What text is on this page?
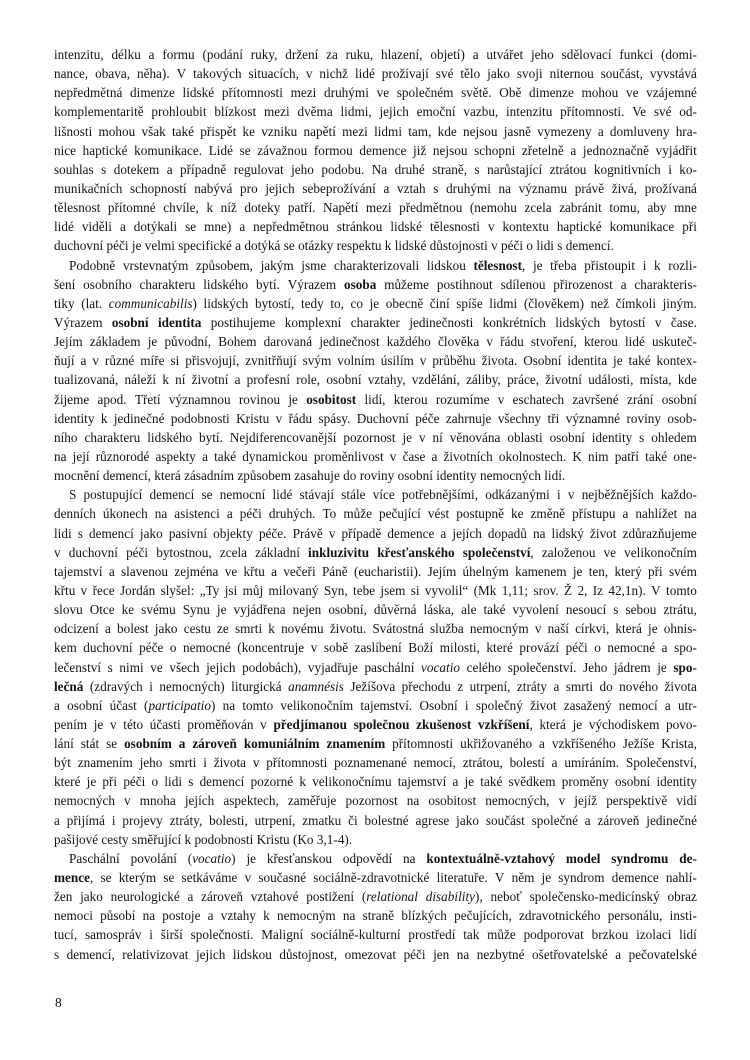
intenzitu, délku a formu (podání ruky, držení za ruku, hlazení, objetí) a utvářet jeho sdělovací funkci (domi-
nance, obava, něha). V takových situacích, v nichž lidé prožívají své tělo jako svoji niternou součást, vyvstává
nepředmětná dimenze lidské přítomnosti mezi druhými ve společném světě. Obě dimenze mohou ve vzájemné
komplementaritě prohloubit blízkost mezi dvěma lidmi, jejich emoční vazbu, intenzitu přítomnosti. Ve své od-
lišnosti mohou však také přispět ke vzniku napětí mezi lidmi tam, kde nejsou jasně vymezeny a domluveny hra-
nice haptické komunikace. Lidé se závažnou formou demence již nejsou schopni zřetelně a jednoznačně vyjádřit
souhlas s dotekem a případně regulovat jeho podobu. Na druhé straně, s narůstající ztrátou kognitivních i ko-
munikačních schopností nabývá pro jejich sebeprožívání a vztah s druhými na významu právě živá, prožívaná
tělesnost přítomné chvíle, k níž doteky patří. Napětí mezi předmětnou (nemohu zcela zabránit tomu, aby mne
lidé viděli a dotýkali se mne) a nepředmětnou stránkou lidské tělesnosti v kontextu haptické komunikace při
duchovní péči je velmi specifické a dotýká se otázky respektu k lidské důstojnosti v péči o lidi s demencí.
Podobně vrstevnatým způsobem, jakým jsme charakterizovali lidskou tělesnost, je třeba přistoupit i k rozli-
šení osobního charakteru lidského bytí. Výrazem osoba můžeme postihnout sdílenou přirozenost a charakteris-
tiky (lat. communicabilis) lidských bytostí, tedy to, co je obecně činí spíše lidmi (člověkem) než čímkoli jiným.
Výrazem osobní identita postihujeme komplexní charakter jedinečnosti konkrétních lidských bytostí v čase.
Jejím základem je původní, Bohem darovaná jedinečnost každého člověka v řádu stvoření, kterou lidé uskuteč-
ňují a v různé míře si přisvojují, zvnitřňují svým volním úsilím v průběhu života. Osobní identita je také kontex-
tualizovaná, náleží k ní životní a profesní role, osobní vztahy, vzdělání, záliby, práce, životní události, místa, kde
žijeme apod. Třetí významnou rovinou je osobitost lidí, kterou rozumíme v eschatech završené zrání osobní
identity k jedinečné podobnosti Kristu v řádu spásy. Duchovní péče zahrnuje všechny tři významné roviny osob-
ního charakteru lidského bytí. Nejdiferencovanější pozornost je v ní věnována oblasti osobní identity s ohledem
na její různorodé aspekty a také dynamickou proměnlivost v čase a životních okolnostech. K nim patří také one-
mocnění demencí, která zásadním způsobem zasahuje do roviny osobní identity nemocných lidí.
S postupující demencí se nemocní lidé stávají stále více potřebnějšími, odkázanými i v nejběžnějších každo-
denních úkonech na asistenci a péči druhých. To může pečující vést postupně ke změně přístupu a nahlížet na
lidi s demencí jako pasivní objekty péče. Právě v případě demence a jejích dopadů na lidský život zdůrazňujeme
v duchovní péči bytostnou, zcela základní inkluzivitu křesťanského společenství, založenou ve velikonočním
tajemství a slavenou zejména ve křtu a večeři Páně (eucharistii). Jejím úhelným kamenem je ten, který při svém
křtu v řece Jordán slyšel: „Ty jsi můj milovaný Syn, tebe jsem si vyvolil“ (Mk 1,11; srov. Ž 2, Iz 42,1n). V tomto
slovu Otce ke svému Synu je vyjádřena nejen osobní, důvěrná láska, ale také vyvolení nesoucí s sebou ztrátu,
odcizení a bolest jako cestu ze smrti k novému životu. Svátostná služba nemocným v naší církvi, která je ohnis-
kem duchovní péče o nemocné (koncentruje v sobě zaslíbení Boží milosti, které provází péči o nemocné a spo-
lečenství s nimi ve všech jejich podobách), vyjadřuje paschální vocatio celého společenství. Jeho jádrem je spo-
lečná (zdravých i nemocných) liturgická anamnésis Ježíšova přechodu z utrpení, ztráty a smrti do nového života
a osobní účast (participatio) na tomto velikonočním tajemství. Osobní i společný život zasažený nemocí a utr-
pením je v této účasti proměňován v předjímanou společnou zkušenost vzkříšení, která je východiskem povo-
lání stát se osobním a zároveň komuniálním znamením přítomnosti ukřižovaného a vzkříšeného Ježíše Krista,
být znamením jeho smrti i života v přítomnosti poznamenané nemocí, ztrátou, bolestí a umíráním. Společenství,
které je při péči o lidi s demencí pozorné k velikonočnímu tajemství a je také svědkem proměny osobní identity
nemocných v mnoha jejích aspektech, zaměřuje pozornost na osobitost nemocných, v jejíž perspektivě vidí
a přijímá i projevy ztráty, bolesti, utrpení, zmatku či bolestné agrese jako součást společné a zároveň jedinečné
pašijové cesty směřující k podobnosti Kristu (Ko 3,1-4).
Paschální povolání (vocatio) je křesťanskou odpovědí na kontextuálně-vztahový model syndromu de-
mence, se kterým se setkáváme v současné sociálně-zdravotnické literatuře. V něm je syndrom demence nahlí-
žen jako neurologické a zároveň vztahové postižení (relational disability), neboť společensko-medicínský obraz
nemoci působí na postoje a vztahy k nemocným na straně blízkých pečujících, zdravotnického personálu, insti-
tucí, samospráv i širší společnosti. Maligní sociálně-kulturní prostředí tak může podporovat brzkou izolaci lidí
s demencí, relativizovat jejich lidskou důstojnost, omezovat péči jen na nezbytné ošetřovatelské a pečovatelské
8
